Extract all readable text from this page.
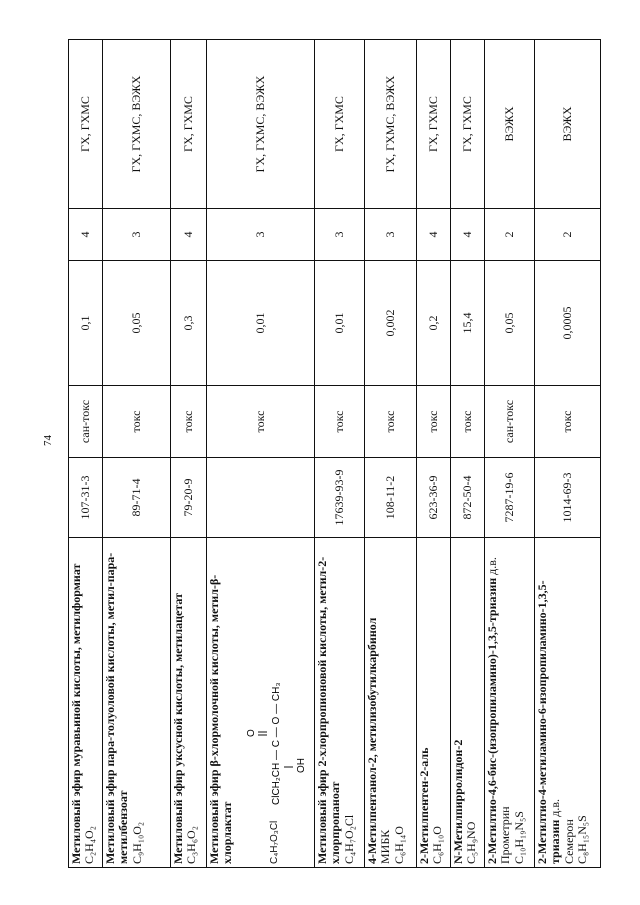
74
Метиловый эфир муравьиной кислоты, метилформиат
C₂H₄O₂	107-31-3	сан-токс	0,1	4	ГХ, ГХМС
Метиловый эфир пара-толуоловой кислоты, метил-пара-метилбензоат
C₉H₁₀O₂	89-71-4	токс	0,05	3	ГХ, ГХМС, ВЭЖХ
Метиловый эфир уксусной кислоты, метилацетат
C₃H₆O₂	79-20-9	токс	0,3	4	ГХ, ГХМС
Метиловый эфир β-хлормолочной кислоты, метил-β-хлорлактат C₄H₇O₃Cl
O ClCH₂CH — C — O — CH₃ OH		токс	0,01	3	ГХ, ГХМС, ВЭЖХ
Метиловый эфир 2-хлорпропионовой кислоты, метил-2-хлорпропаноат
C₄H₇O₂Cl	17639-93-9	токс	0,01	3	ГХ, ГХМС
4-Метилпентанол-2, метилизобутилкарбинол
МИБК
C₆H₁₄O	108-11-2	токс	0,002	3	ГХ, ГХМС, ВЭЖХ
2-Метилпентен-2-аль
C₆H₁₀O	623-36-9	токс	0,2	4	ГХ, ГХМС
N-Метилпирролидон-2
C₅H₉NO	872-50-4	токс	15,4	4	ГХ, ГХМС
2-Метилтио-4,6-бис-(изопропиламино)-1,3,5-триазин д.в.
Прометрин
C₁₀H₁₉N₅S	7287-19-6	сан-токс	0,05	2	ВЭЖХ
2-Метилтио-4-метиламино-6-изопропиламино-1,3,5-триазин д.в.
Семерон
C₈H₁₅N₅S	1014-69-3	токс	0,0005	2	ВЭЖХ
